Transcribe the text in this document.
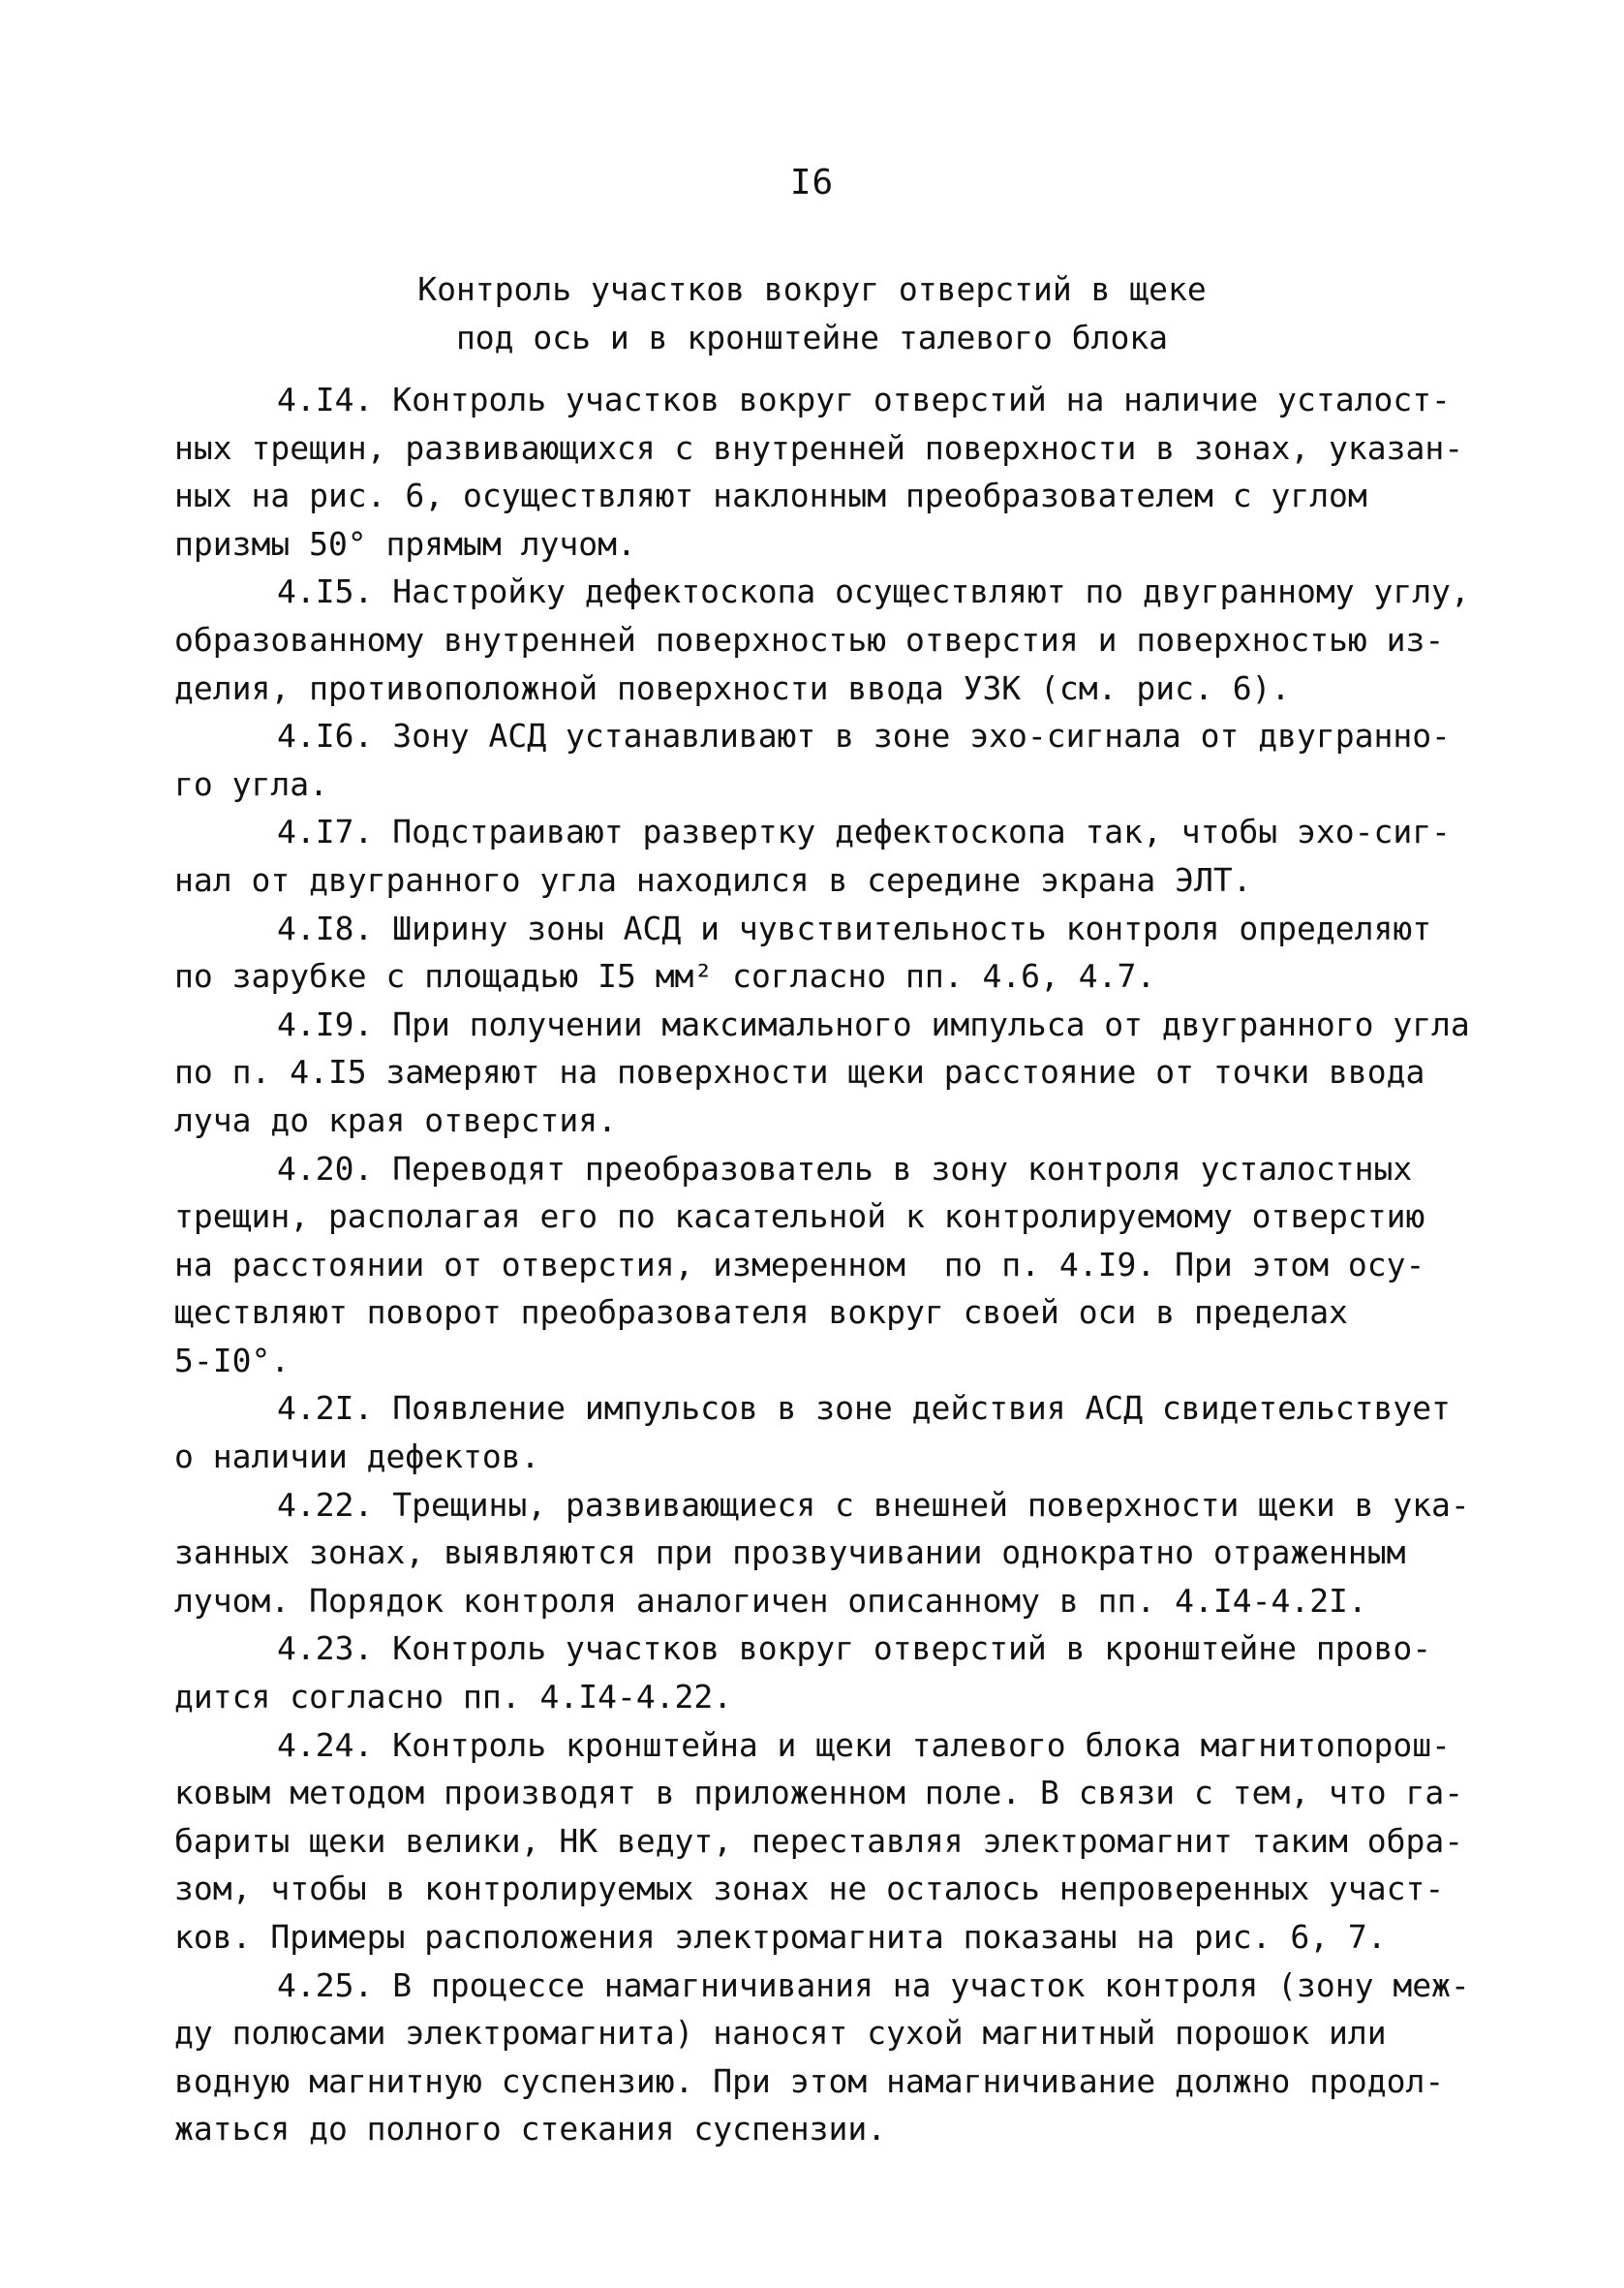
I6
Контроль участков вокруг отверстий в щеке
под ось и в кронштейне талевого блока
4.I4. Контроль участков вокруг отверстий на наличие усталост-
ных трещин, развивающихся с внутренней поверхности в зонах, указан-
ных на рис. 6, осуществляют наклонным преобразователем с углом
призмы 50° прямым лучом.
4.I5. Настройку дефектоскопа осуществляют по двугранному углу,
образованному внутренней поверхностью отверстия и поверхностью из-
делия, противоположной поверхности ввода УЗК (см. рис. 6).
4.I6. Зону АСД устанавливают в зоне эхо-сигнала от двугранно-
го угла.
4.I7. Подстраивают развертку дефектоскопа так, чтобы эхо-сиг-
нал от двугранного угла находился в середине экрана ЭЛТ.
4.I8. Ширину зоны АСД и чувствительность контроля определяют
по зарубке с площадью I5 мм² согласно пп. 4.6, 4.7.
4.I9. При получении максимального импульса от двугранного угла
по п. 4.I5 замеряют на поверхности щеки расстояние от точки ввода
луча до края отверстия.
4.20. Переводят преобразователь в зону контроля усталостных
трещин, располагая его по касательной к контролируемому отверстию
на расстоянии от отверстия, измеренном  по п. 4.I9. При этом осу-
ществляют поворот преобразователя вокруг своей оси в пределах
5-I0°.
4.2I. Появление импульсов в зоне действия АСД свидетельствует
о наличии дефектов.
4.22. Трещины, развивающиеся с внешней поверхности щеки в ука-
занных зонах, выявляются при прозвучивании однократно отраженным
лучом. Порядок контроля аналогичен описанному в пп. 4.I4-4.2I.
4.23. Контроль участков вокруг отверстий в кронштейне прово-
дится согласно пп. 4.I4-4.22.
4.24. Контроль кронштейна и щеки талевого блока магнитопорош-
ковым методом производят в приложенном поле. В связи с тем, что га-
бариты щеки велики, НК ведут, переставляя электромагнит таким обра-
зом, чтобы в контролируемых зонах не осталось непроверенных участ-
ков. Примеры расположения электромагнита показаны на рис. 6, 7.
4.25. В процессе намагничивания на участок контроля (зону меж-
ду полюсами электромагнита) наносят сухой магнитный порошок или
водную магнитную суспензию. При этом намагничивание должно продол-
жаться до полного стекания суспензии.
